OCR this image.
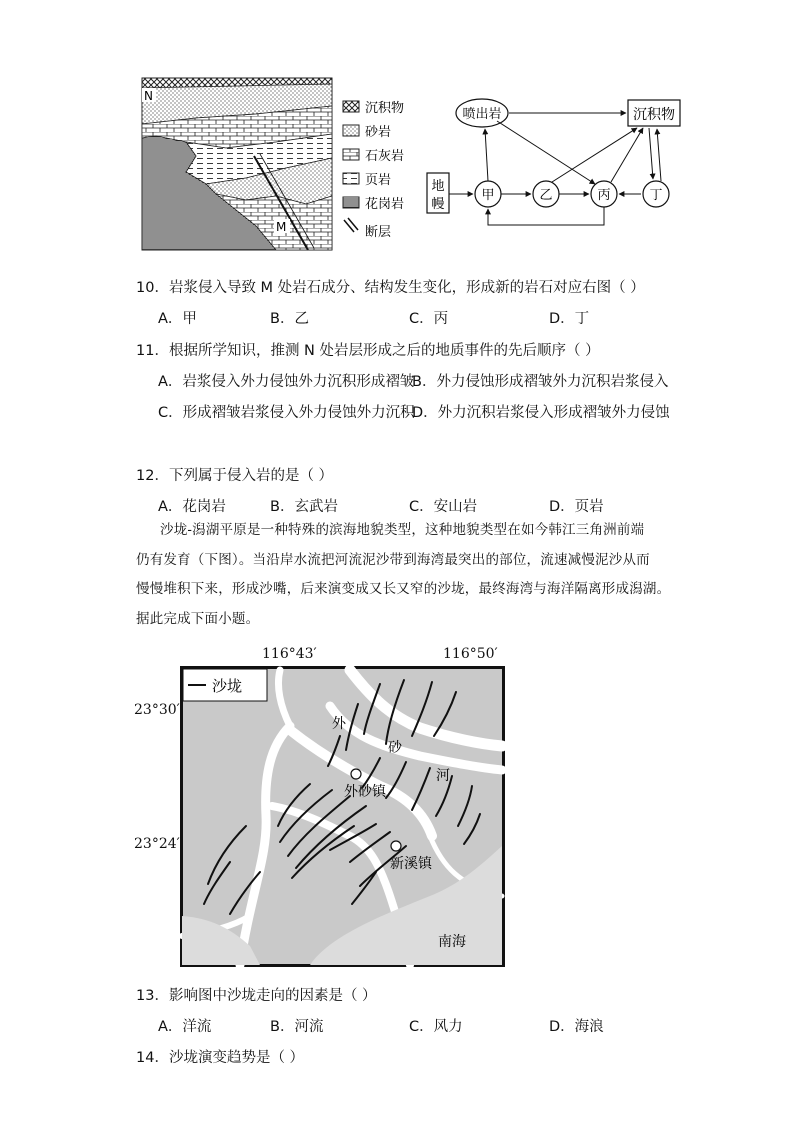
N
M
沉积物
砂岩
石灰岩
页岩
花岗岩
断层
喷出岩	沉积物
地
幔
甲	乙	丙	丁
10．岩浆侵入导致 M 处岩石成分、结构发生变化，形成新的岩石对应右图（ ）
A．甲	B．乙	C．丙	D．丁
11．根据所学知识，推测 N 处岩层形成之后的地质事件的先后顺序（ ）
A．岩浆侵入外力侵蚀外力沉积形成褶皱
B．外力侵蚀形成褶皱外力沉积岩浆侵入
C．形成褶皱岩浆侵入外力侵蚀外力沉积
D．外力沉积岩浆侵入形成褶皱外力侵蚀
12．下列属于侵入岩的是（ ）
A．花岗岩	B．玄武岩	C．安山岩	D．页岩
沙垅-潟湖平原是一种特殊的滨海地貌类型，这种地貌类型在如今韩江三角洲前端
仍有发育（下图）。当沿岸水流把河流泥沙带到海湾最突出的部位，流速减慢泥沙从而
慢慢堆积下来，形成沙嘴，后来演变成又长又窄的沙垅，最终海湾与海洋隔离形成潟湖。
据此完成下面小题。
116°43′	116°50′
23°30′
23°24′
沙垅
外
砂
河
外砂镇
新溪镇
南海
13．影响图中沙垅走向的因素是（ ）
A．洋流	B．河流	C．风力	D．海浪
14．沙垅演变趋势是（ ）
